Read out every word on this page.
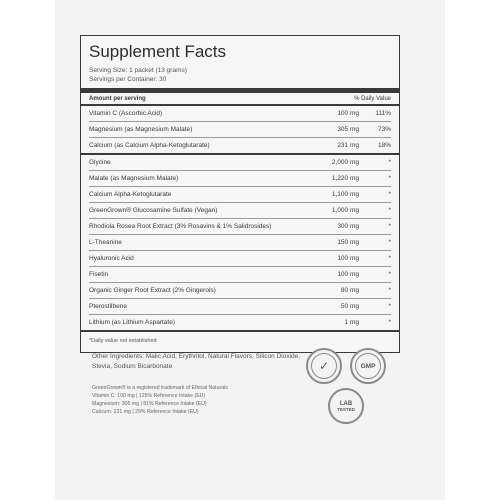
Supplement Facts
Serving Size: 1 packet (13 grams)
Servings per Container: 30
Amount per serving	% Daily Value
Vitamin C (Ascorbic Acid)	100 mg	111%
Magnesium (as Magnesium Malate)	305 mg	73%
Calcium (as Calcium Alpha-Ketoglutarate)	231 mg	18%
Glycine	2,000 mg	*
Malate (as Magnesium Malate)	1,220 mg	*
Calcium Alpha-Ketoglutarate	1,100 mg	*
GreenGrown® Glucosamine Sulfate (Vegan)	1,000 mg	*
Rhodiola Rosea Root Extract (3% Rosavins & 1% Salidrosides)	300 mg	*
L-Theanine	150 mg	*
Hyaluronic Acid	100 mg	*
Fisetin	100 mg	*
Organic Ginger Root Extract (2% Gingerols)	80 mg	*
Pterostilbene	50 mg	*
Lithium (as Lithium Aspartate)	1 mg	*
*Daily value not established
Other Ingredients: Malic Acid, Erythritol, Natural Flavors, Silicon Dioxide, Stevia, Sodium Bicarbonate
GreenGrown® is a registered trademark of Ethical Naturals
Vitamin C: 100 mg | 125% Reference Intake (EU)
Magnesium: 305 mg | 81% Reference Intake (EU)
Calcium: 231 mg | 29% Reference Intake (EU)
✓	GMP
LAB
TESTED
